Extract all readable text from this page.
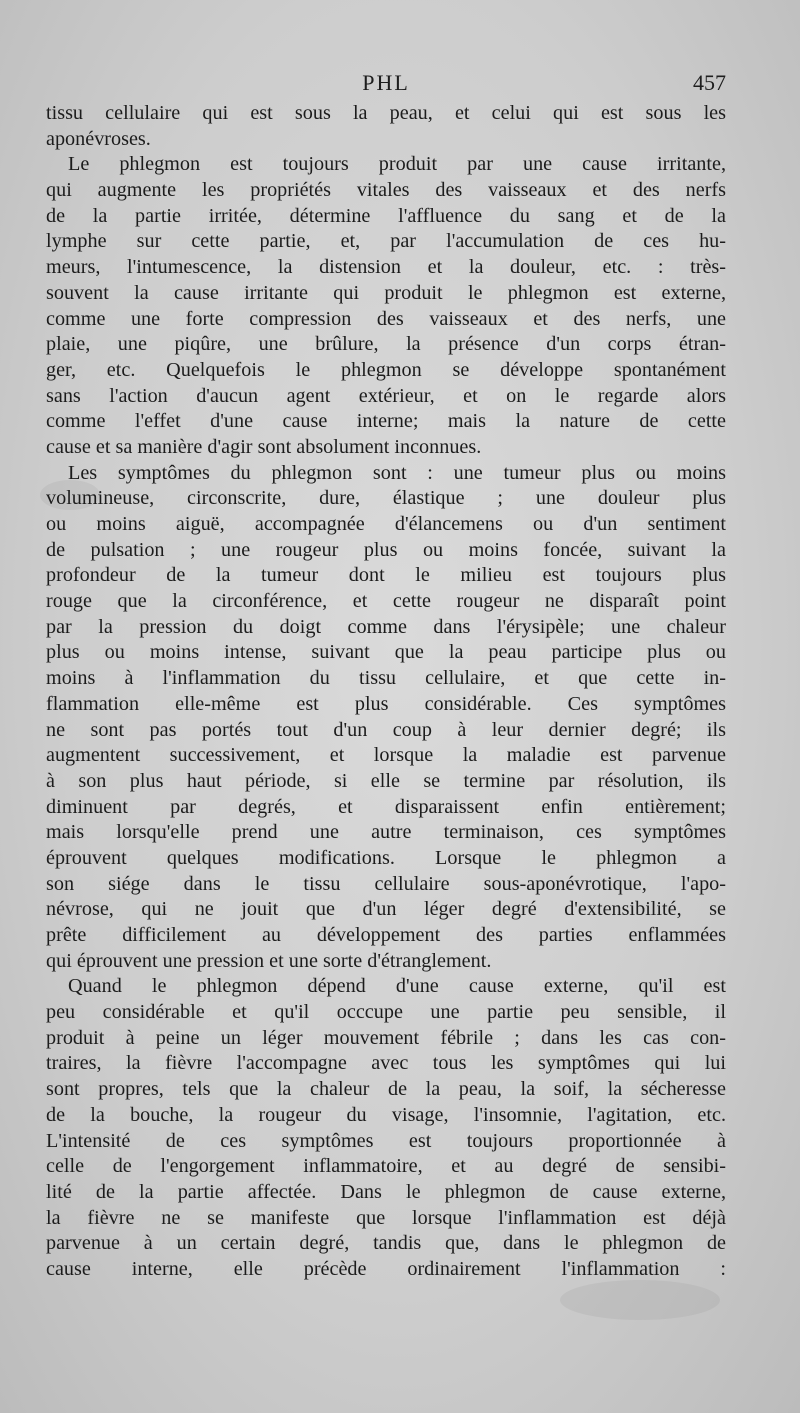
PHL	457
tissu cellulaire qui est sous la peau, et celui qui est sous les
aponévroses.
Le phlegmon est toujours produit par une cause irritante,
qui augmente les propriétés vitales des vaisseaux et des nerfs
de la partie irritée, détermine l'affluence du sang et de la
lymphe sur cette partie, et, par l'accumulation de ces hu-
meurs, l'intumescence, la distension et la douleur, etc. : très-
souvent la cause irritante qui produit le phlegmon est externe,
comme une forte compression des vaisseaux et des nerfs, une
plaie, une piqûre, une brûlure, la présence d'un corps étran-
ger, etc. Quelquefois le phlegmon se développe spontanément
sans l'action d'aucun agent extérieur, et on le regarde alors
comme l'effet d'une cause interne; mais la nature de cette
cause et sa manière d'agir sont absolument inconnues.
Les symptômes du phlegmon sont : une tumeur plus ou moins
volumineuse, circonscrite, dure, élastique ; une douleur plus
ou moins aiguë, accompagnée d'élancemens ou d'un sentiment
de pulsation ; une rougeur plus ou moins foncée, suivant la
profondeur de la tumeur dont le milieu est toujours plus
rouge que la circonférence, et cette rougeur ne disparaît point
par la pression du doigt comme dans l'érysipèle; une chaleur
plus ou moins intense, suivant que la peau participe plus ou
moins à l'inflammation du tissu cellulaire, et que cette in-
flammation elle-même est plus considérable. Ces symptômes
ne sont pas portés tout d'un coup à leur dernier degré; ils
augmentent successivement, et lorsque la maladie est parvenue
à son plus haut période, si elle se termine par résolution, ils
diminuent par degrés, et disparaissent enfin entièrement;
mais lorsqu'elle prend une autre terminaison, ces symptômes
éprouvent quelques modifications. Lorsque le phlegmon a
son siége dans le tissu cellulaire sous-aponévrotique, l'apo-
névrose, qui ne jouit que d'un léger degré d'extensibilité, se
prête difficilement au développement des parties enflammées
qui éprouvent une pression et une sorte d'étranglement.
Quand le phlegmon dépend d'une cause externe, qu'il est
peu considérable et qu'il occcupe une partie peu sensible, il
produit à peine un léger mouvement fébrile ; dans les cas con-
traires, la fièvre l'accompagne avec tous les symptômes qui lui
sont propres, tels que la chaleur de la peau, la soif, la sécheresse
de la bouche, la rougeur du visage, l'insomnie, l'agitation, etc.
L'intensité de ces symptômes est toujours proportionnée à
celle de l'engorgement inflammatoire, et au degré de sensibi-
lité de la partie affectée. Dans le phlegmon de cause externe,
la fièvre ne se manifeste que lorsque l'inflammation est déjà
parvenue à un certain degré, tandis que, dans le phlegmon de
cause interne, elle précède ordinairement l'inflammation :
